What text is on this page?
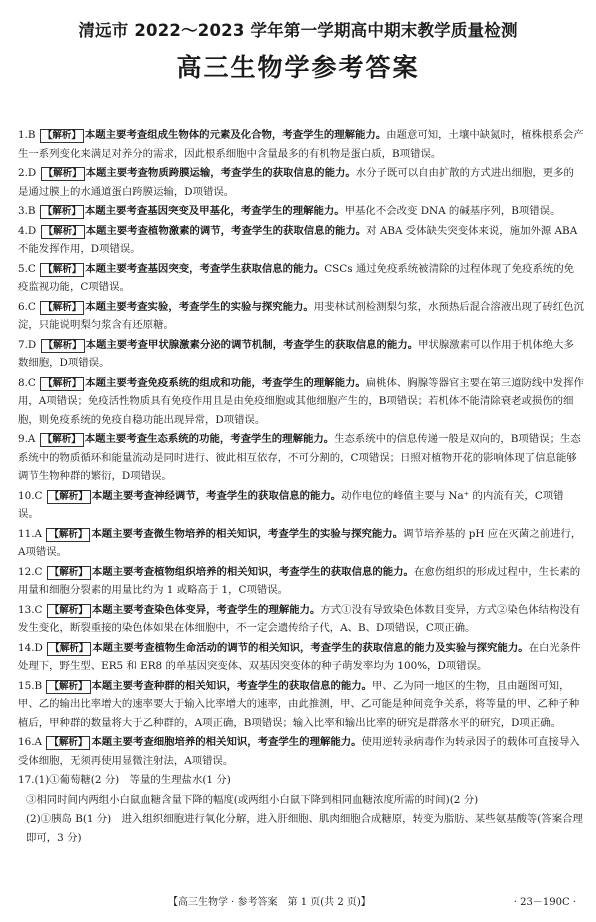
清远市 2022～2023 学年第一学期高中期末教学质量检测
高三生物学参考答案
1.B 【解析】 本题主要考查组成生物体的元素及化合物，考查学生的理解能力。由题意可知，土壤中缺氮时，植株根系会产生一系列变化来满足对养分的需求，因此根系细胞中含量最多的有机物是蛋白质，B项错误。
2.D 【解析】 本题主要考查物质跨膜运输，考查学生的获取信息的能力。水分子既可以自由扩散的方式进出细胞，更多的是通过膜上的水通道蛋白跨膜运输，D项错误。
3.B 【解析】 本题主要考查基因突变及甲基化，考查学生的理解能力。甲基化不会改变 DNA 的碱基序列，B项错误。
4.D 【解析】 本题主要考查植物激素的调节，考查学生的获取信息的能力。对 ABA 受体缺失突变体来说，施加外源 ABA 不能发挥作用，D项错误。
5.C 【解析】 本题主要考查基因突变，考查学生获取信息的能力。CSCs 通过免疫系统被清除的过程体现了免疫系统的免疫监视功能，C项错误。
6.C 【解析】 本题主要考查实验，考查学生的实验与探究能力。用斐林试剂检测梨匀浆，水预热后混合溶液出现了砖红色沉淀，只能说明梨匀浆含有还原糖。
7.D 【解析】 本题主要考查甲状腺激素分泌的调节机制，考查学生的获取信息的能力。甲状腺激素可以作用于机体绝大多数细胞，D项错误。
8.C 【解析】 本题主要考查免疫系统的组成和功能，考查学生的理解能力。扁桃体、胸腺等器官主要在第三道防线中发挥作用，A项错误；免疫活性物质具有免疫作用且是由免疫细胞或其他细胞产生的，B项错误；若机体不能清除衰老或损伤的细胞，则免疫系统的免疫自稳功能出现异常，D项错误。
9.A 【解析】 本题主要考查生态系统的功能，考查学生的理解能力。生态系统中的信息传递一般是双向的，B项错误；生态系统中的物质循环和能量流动是同时进行、彼此相互依存，不可分割的，C项错误；日照对植物开花的影响体现了信息能够调节生物种群的繁衍，D项错误。
10.C 【解析】 本题主要考查神经调节，考查学生的获取信息的能力。动作电位的峰值主要与 Na⁺ 的内流有关，C项错误。
11.A 【解析】 本题主要考查微生物培养的相关知识，考查学生的实验与探究能力。调节培养基的 pH 应在灭菌之前进行，A项错误。
12.C 【解析】 本题主要考查植物组织培养的相关知识，考查学生的获取信息的能力。在愈伤组织的形成过程中，生长素的用量和细胞分裂素的用量比约为 1 或略高于 1，C项错误。
13.C 【解析】 本题主要考查染色体变异，考查学生的理解能力。方式①没有导致染色体数目变异，方式②染色体结构没有发生变化，断裂重接的染色体如果在体细胞中，不一定会遗传给子代，A、B、D项错误，C项正确。
14.D 【解析】 本题主要考查植物生命活动的调节的相关知识，考查学生的获取信息的能力及实验与探究能力。在白光条件处理下，野生型、ER5 和 ER8 的单基因突变体、双基因突变体的种子萌发率均为 100%，D项错误。
15.B 【解析】 本题主要考查种群的相关知识，考查学生的获取信息的能力。甲、乙为同一地区的生物，且由题图可知，甲、乙的输出比率增大的速率要大于输入比率增大的速率，由此推测，甲、乙可能是种间竞争关系，将等量的甲、乙种子种植后，甲种群的数量将大于乙种群的，A项正确，B项错误；输入比率和输出比率的研究是群落水平的研究，D项正确。
16.A 【解析】 本题主要考查细胞培养的相关知识，考查学生的理解能力。使用逆转录病毒作为转录因子的载体可直接导入受体细胞，无须再使用显微注射法，A项错误。
17.(1)①葡萄糖(2 分)　等量的生理盐水(1 分)
③相同时间内两组小白鼠血糖含量下降的幅度(或两组小白鼠下降到相同血糖浓度所需的时间)(2 分)
(2)①胰岛 B(1 分)　进入组织细胞进行氧化分解，进入肝细胞、肌肉细胞合成糖原，转变为脂肪、某些氨基酸等(答案合理即可，3 分)
【高三生物学 · 参考答案　第 1 页(共 2 页)】	· 23－190C ·
